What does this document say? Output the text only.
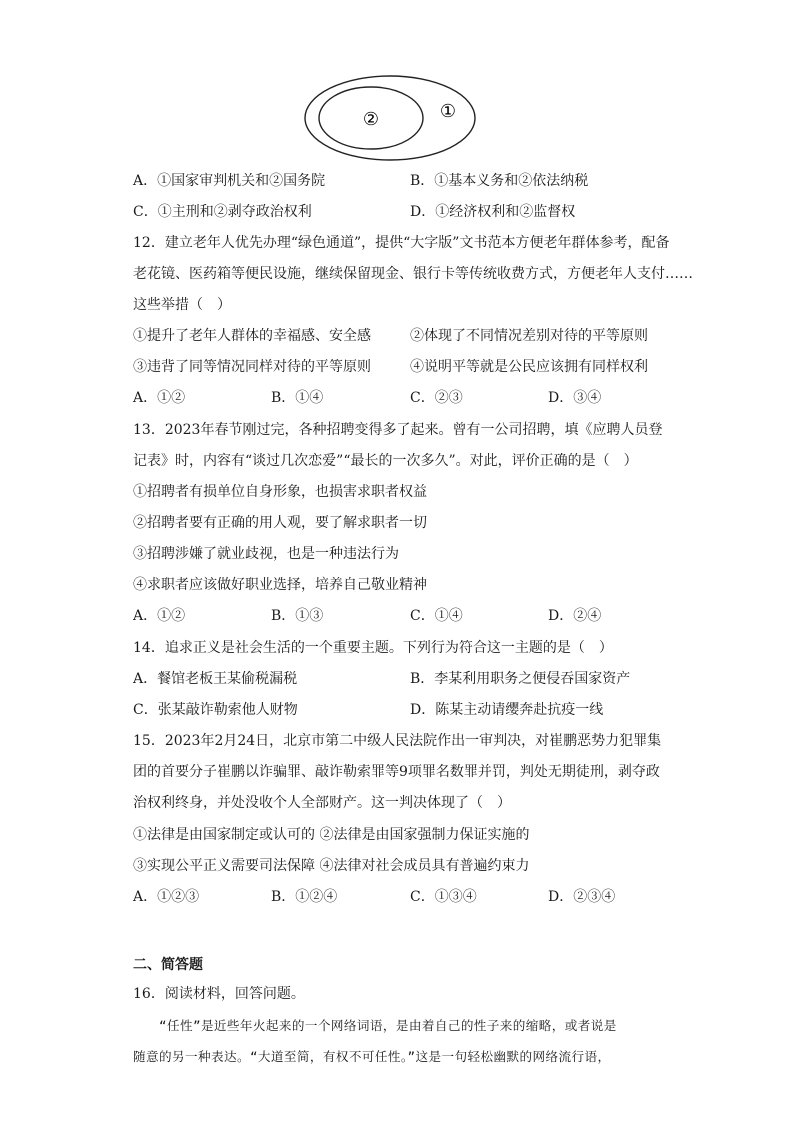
②	①
A．①国家审判机关和②国务院	B．①基本义务和②依法纳税
C．①主刑和②剥夺政治权利	D．①经济权利和②监督权
12．建立老年人优先办理“绿色通道”，提供“大字版”文书范本方便老年群体参考，配备
老花镜、医药箱等便民设施，继续保留现金、银行卡等传统收费方式，方便老年人支付……
这些举措（　）
①提升了老年人群体的幸福感、安全感	②体现了不同情况差别对待的平等原则
③违背了同等情况同样对待的平等原则	④说明平等就是公民应该拥有同样权利
A．①②	B．①④	C．②③	D．③④
13．2023年春节刚过完，各种招聘变得多了起来。曾有一公司招聘，填《应聘人员登
记表》时，内容有“谈过几次恋爱”“最长的一次多久”。对此，评价正确的是（　）
①招聘者有损单位自身形象，也损害求职者权益
②招聘者要有正确的用人观，要了解求职者一切
③招聘涉嫌了就业歧视，也是一种违法行为
④求职者应该做好职业选择，培养自己敬业精神
A．①②	B．①③	C．①④	D．②④
14．追求正义是社会生活的一个重要主题。下列行为符合这一主题的是（　）
A．餐馆老板王某偷税漏税	B．李某利用职务之便侵吞国家资产
C．张某敲诈勒索他人财物	D．陈某主动请缨奔赴抗疫一线
15．2023年2月24日，北京市第二中级人民法院作出一审判决，对崔鹏恶势力犯罪集
团的首要分子崔鹏以诈骗罪、敲诈勒索罪等9项罪名数罪并罚，判处无期徒刑，剥夺政
治权利终身，并处没收个人全部财产。这一判决体现了（　）
①法律是由国家制定或认可的 ②法律是由国家强制力保证实施的
③实现公平正义需要司法保障 ④法律对社会成员具有普遍约束力
A．①②③	B．①②④	C．①③④	D．②③④
二、简答题
16．阅读材料，回答问题。
　　“任性”是近些年火起来的一个网络词语，是由着自己的性子来的缩略，或者说是
随意的另一种表达。“大道至简，有权不可任性。”这是一句轻松幽默的网络流行语，
